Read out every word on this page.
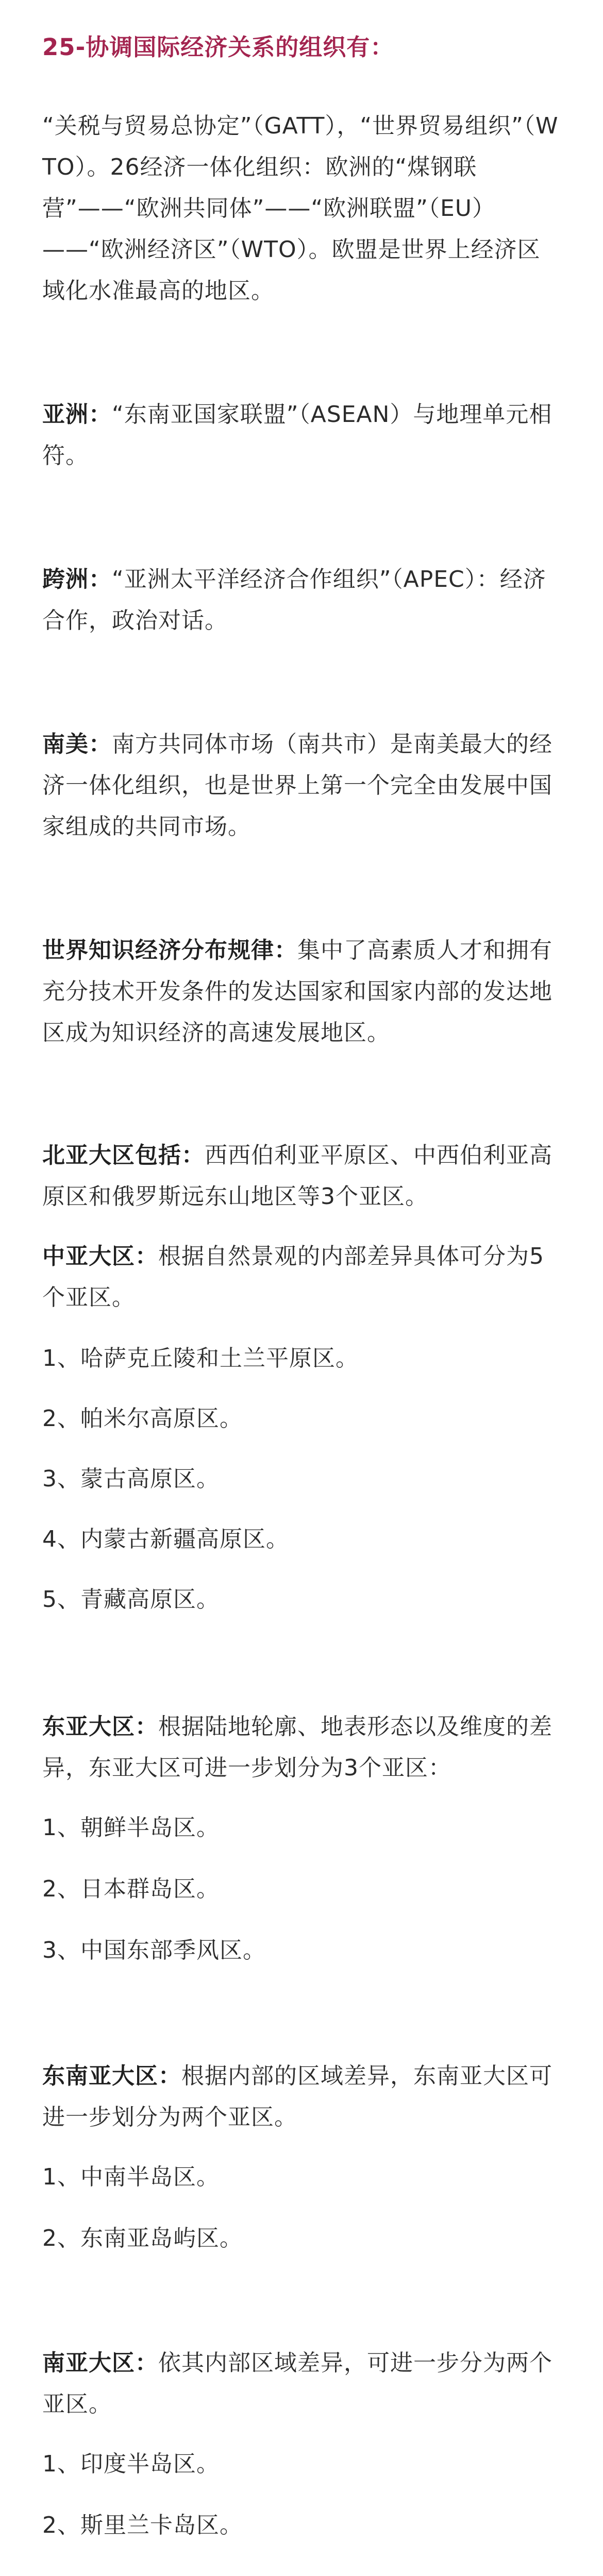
25-协调国际经济关系的组织有：

“关税与贸易总协定”（GATT），“世界贸易组织”（WTO）。26经济一体化组织：欧洲的“煤钢联营”——“欧洲共同体”——“欧洲联盟”（EU）——“欧洲经济区”（WTO）。欧盟是世界上经济区域化水准最高的地区。

亚洲：“东南亚国家联盟”（ASEAN）与地理单元相符。

跨洲：“亚洲太平洋经济合作组织”（APEC）：经济合作，政治对话。

南美：南方共同体市场（南共市）是南美最大的经济一体化组织，也是世界上第一个完全由发展中国家组成的共同市场。

世界知识经济分布规律：集中了高素质人才和拥有充分技术开发条件的发达国家和国家内部的发达地区成为知识经济的高速发展地区。

北亚大区包括：西西伯利亚平原区、中西伯利亚高原区和俄罗斯远东山地区等3个亚区。

中亚大区：根据自然景观的内部差异具体可分为5个亚区。

1、哈萨克丘陵和土兰平原区。

2、帕米尔高原区。

3、蒙古高原区。

4、内蒙古新疆高原区。

5、青藏高原区。

东亚大区：根据陆地轮廓、地表形态以及维度的差异，东亚大区可进一步划分为3个亚区：

1、朝鲜半岛区。

2、日本群岛区。

3、中国东部季风区。

东南亚大区：根据内部的区域差异，东南亚大区可进一步划分为两个亚区。

1、中南半岛区。

2、东南亚岛屿区。

南亚大区：依其内部区域差异，可进一步分为两个亚区。

1、印度半岛区。

2、斯里兰卡岛区。
